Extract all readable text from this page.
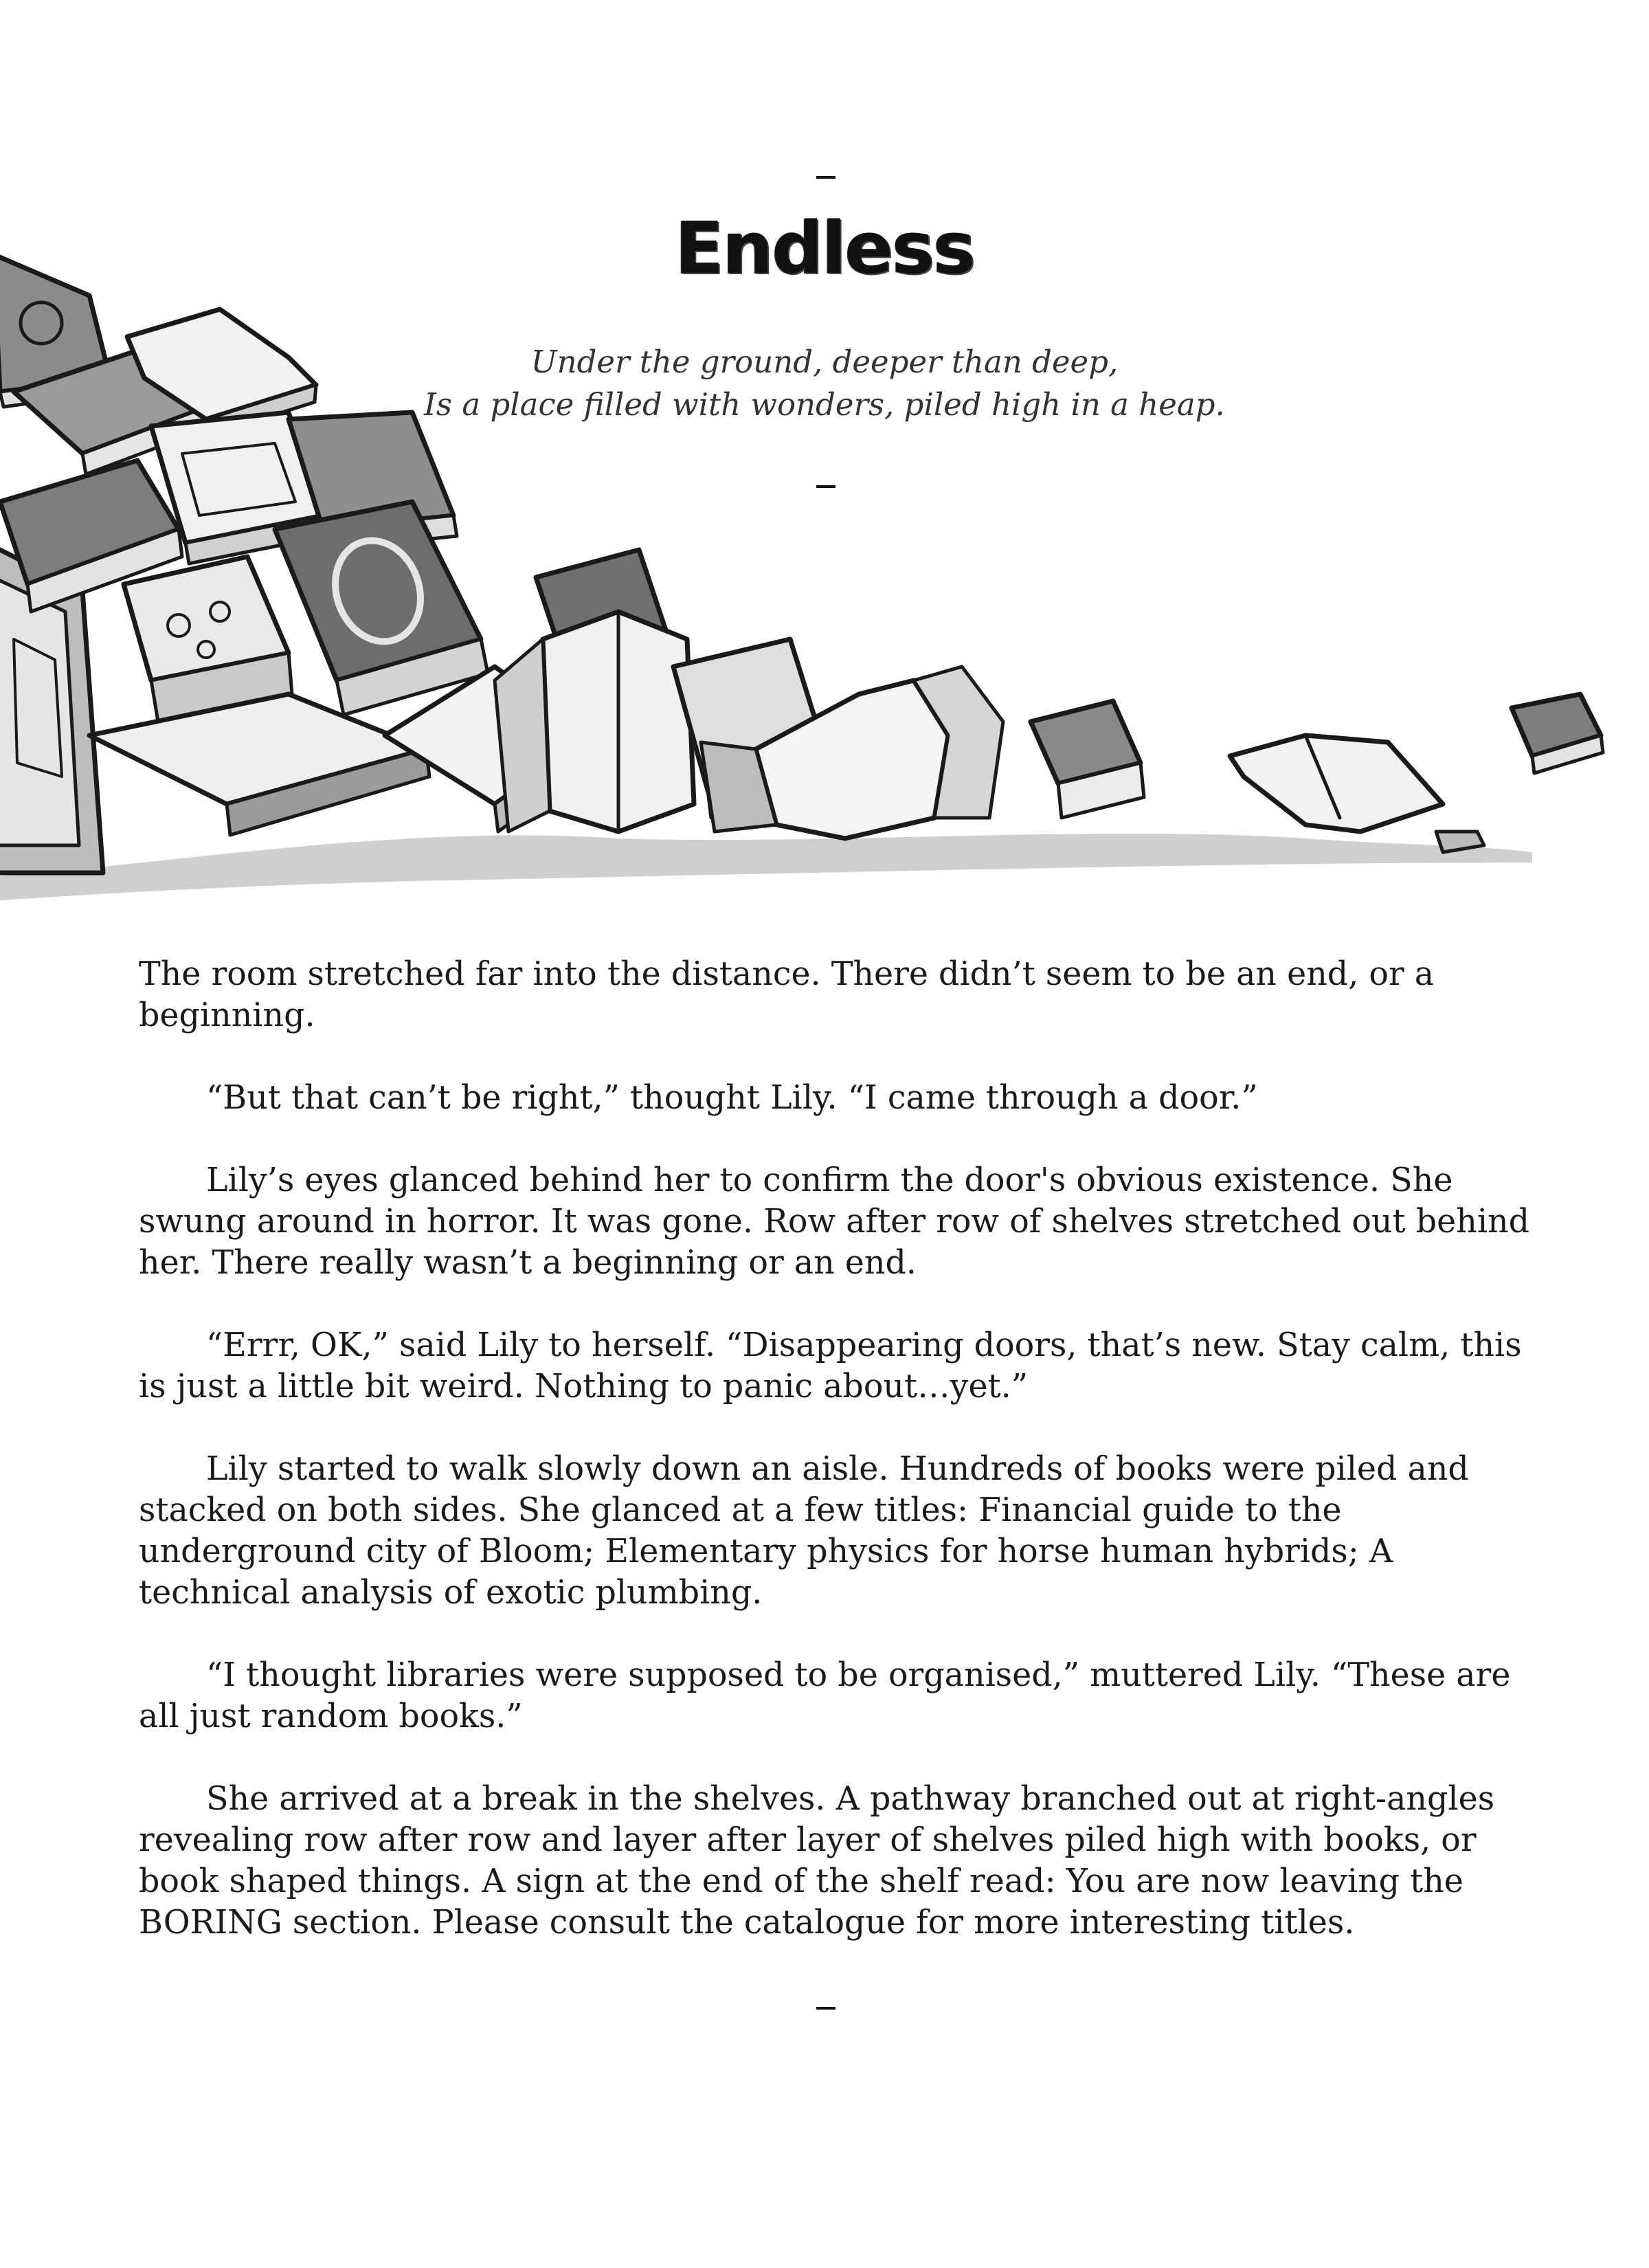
Endless
Under the ground, deeper than deep,
Is a place filled with wonders, piled high in a heap.

The room stretched far into the distance. There didn’t seem to be an end, or a beginning.

“But that can’t be right,” thought Lily. “I came through a door.”

Lily’s eyes glanced behind her to confirm the door's obvious existence. She swung around in horror. It was gone. Row after row of shelves stretched out behind her. There really wasn’t a beginning or an end.

“Errr, OK,” said Lily to herself. “Disappearing doors, that’s new. Stay calm, this is just a little bit weird. Nothing to panic about…yet.”

Lily started to walk slowly down an aisle. Hundreds of books were piled and stacked on both sides. She glanced at a few titles: Financial guide to the underground city of Bloom; Elementary physics for horse human hybrids; A technical analysis of exotic plumbing.

“I thought libraries were supposed to be organised,” muttered Lily. “These are all just random books.”

She arrived at a break in the shelves. A pathway branched out at right-angles revealing row after row and layer after layer of shelves piled high with books, or book shaped things. A sign at the end of the shelf read: You are now leaving the BORING section. Please consult the catalogue for more interesting titles.
